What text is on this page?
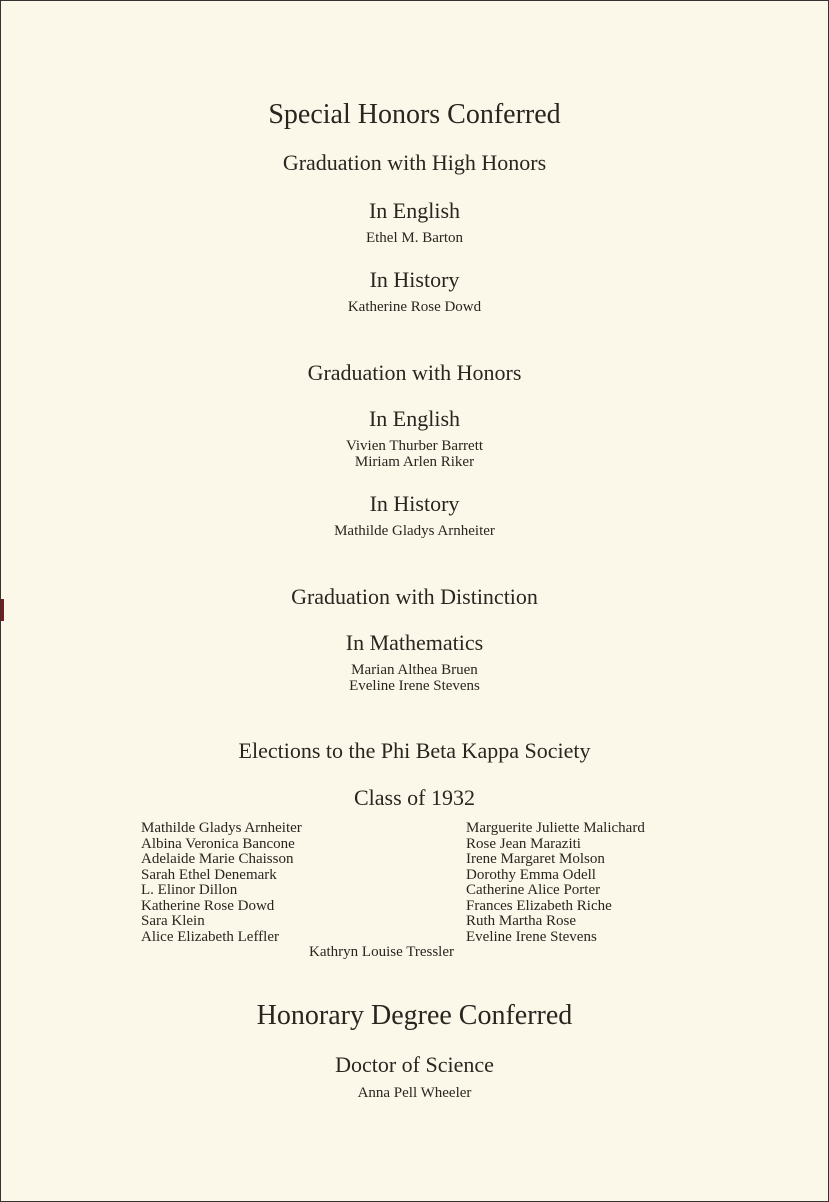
Special Honors Conferred
Graduation with High Honors
In English
Ethel M. Barton
In History
Katherine Rose Dowd
Graduation with Honors
In English
Vivien Thurber Barrett
Miriam Arlen Riker
In History
Mathilde Gladys Arnheiter
Graduation with Distinction
In Mathematics
Marian Althea Bruen
Eveline Irene Stevens
Elections to the Phi Beta Kappa Society
Class of 1932
Mathilde Gladys Arnheiter
Albina Veronica Bancone
Adelaide Marie Chaisson
Sarah Ethel Denemark
L. Elinor Dillon
Katherine Rose Dowd
Sara Klein
Alice Elizabeth Leffler
Marguerite Juliette Malichard
Rose Jean Maraziti
Irene Margaret Molson
Dorothy Emma Odell
Catherine Alice Porter
Frances Elizabeth Riche
Ruth Martha Rose
Eveline Irene Stevens
Kathryn Louise Tressler
Honorary Degree Conferred
Doctor of Science
Anna Pell Wheeler
